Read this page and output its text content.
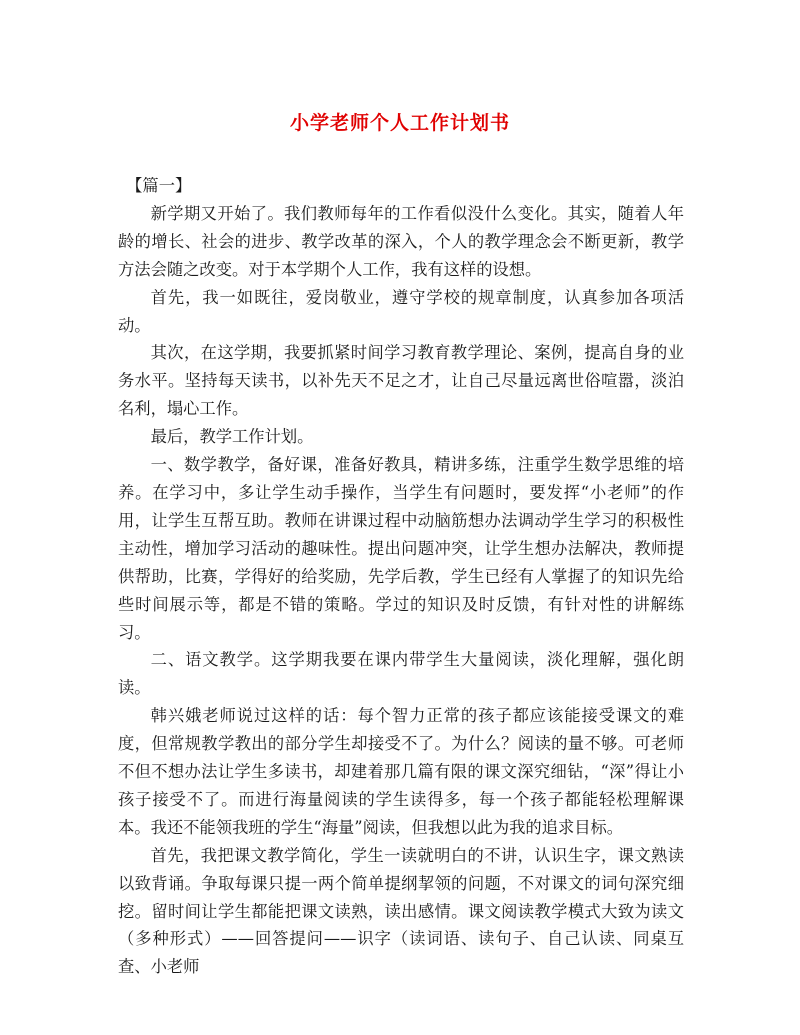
小学老师个人工作计划书

【篇一】

新学期又开始了。我们教师每年的工作看似没什么变化。其实，随着人年龄的增长、社会的进步、教学改革的深入，个人的教学理念会不断更新，教学方法会随之改变。对于本学期个人工作，我有这样的设想。

首先，我一如既往，爱岗敬业，遵守学校的规章制度，认真参加各项活动。

其次，在这学期，我要抓紧时间学习教育教学理论、案例，提高自身的业务水平。坚持每天读书，以补先天不足之才，让自己尽量远离世俗喧嚣，淡泊名利，塌心工作。

最后，教学工作计划。

一、数学教学，备好课，准备好教具，精讲多练，注重学生数学思维的培养。在学习中，多让学生动手操作，当学生有问题时，要发挥“小老师”的作用，让学生互帮互助。教师在讲课过程中动脑筋想办法调动学生学习的积极性主动性，增加学习活动的趣味性。提出问题冲突，让学生想办法解决，教师提供帮助，比赛，学得好的给奖励，先学后教，学生已经有人掌握了的知识先给些时间展示等，都是不错的策略。学过的知识及时反馈，有针对性的讲解练习。

二、语文教学。这学期我要在课内带学生大量阅读，淡化理解，强化朗读。

韩兴娥老师说过这样的话：每个智力正常的孩子都应该能接受课文的难度，但常规教学教出的部分学生却接受不了。为什么？阅读的量不够。可老师不但不想办法让学生多读书，却建着那几篇有限的课文深究细钻，“深”得让小孩子接受不了。而进行海量阅读的学生读得多，每一个孩子都能轻松理解课本。我还不能领我班的学生“海量”阅读，但我想以此为我的追求目标。

首先，我把课文教学简化，学生一读就明白的不讲，认识生字，课文熟读以致背诵。争取每课只提一两个简单提纲挈领的问题，不对课文的词句深究细挖。留时间让学生都能把课文读熟，读出感情。课文阅读教学模式大致为读文（多种形式）——回答提问——识字（读词语、读句子、自己认读、同桌互查、小老师
